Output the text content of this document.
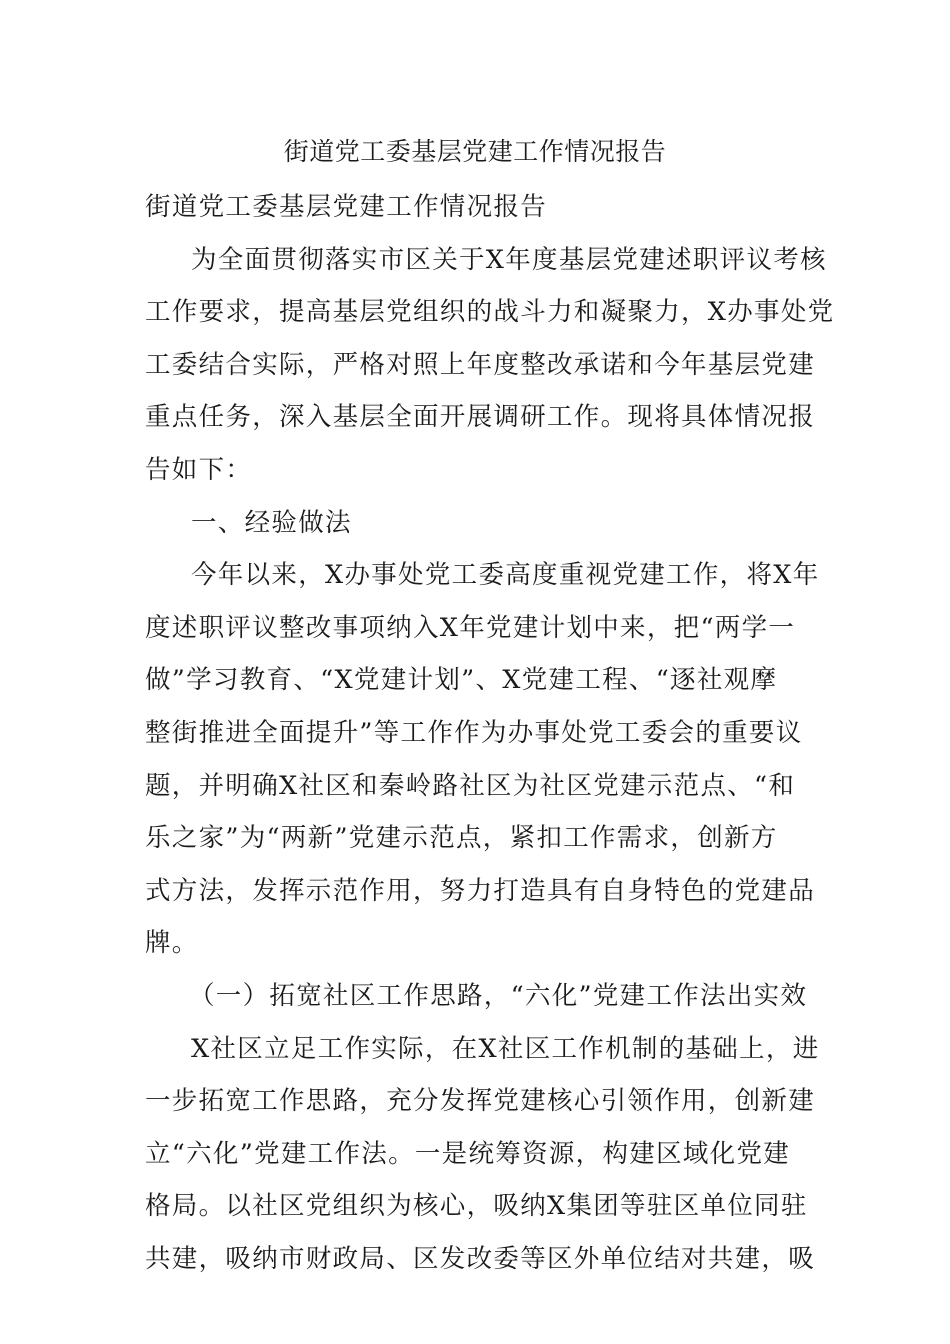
街道党工委基层党建工作情况报告
街道党工委基层党建工作情况报告
为全面贯彻落实市区关于X年度基层党建述职评议考核
工作要求，提高基层党组织的战斗力和凝聚力，X办事处党
工委结合实际，严格对照上年度整改承诺和今年基层党建
重点任务，深入基层全面开展调研工作。现将具体情况报
告如下：
一、经验做法
今年以来，X办事处党工委高度重视党建工作，将X年
度述职评议整改事项纳入X年党建计划中来，把“两学一
做”学习教育、“X党建计划”、X党建工程、“逐社观摩
整街推进全面提升”等工作作为办事处党工委会的重要议
题，并明确X社区和秦岭路社区为社区党建示范点、“和
乐之家”为“两新”党建示范点，紧扣工作需求，创新方
式方法，发挥示范作用，努力打造具有自身特色的党建品
牌。
（一）拓宽社区工作思路，“六化”党建工作法出实效
X社区立足工作实际，在X社区工作机制的基础上，进
一步拓宽工作思路，充分发挥党建核心引领作用，创新建
立“六化”党建工作法。一是统筹资源，构建区域化党建
格局。以社区党组织为核心，吸纳X集团等驻区单位同驻
共建，吸纳市财政局、区发改委等区外单位结对共建，吸
